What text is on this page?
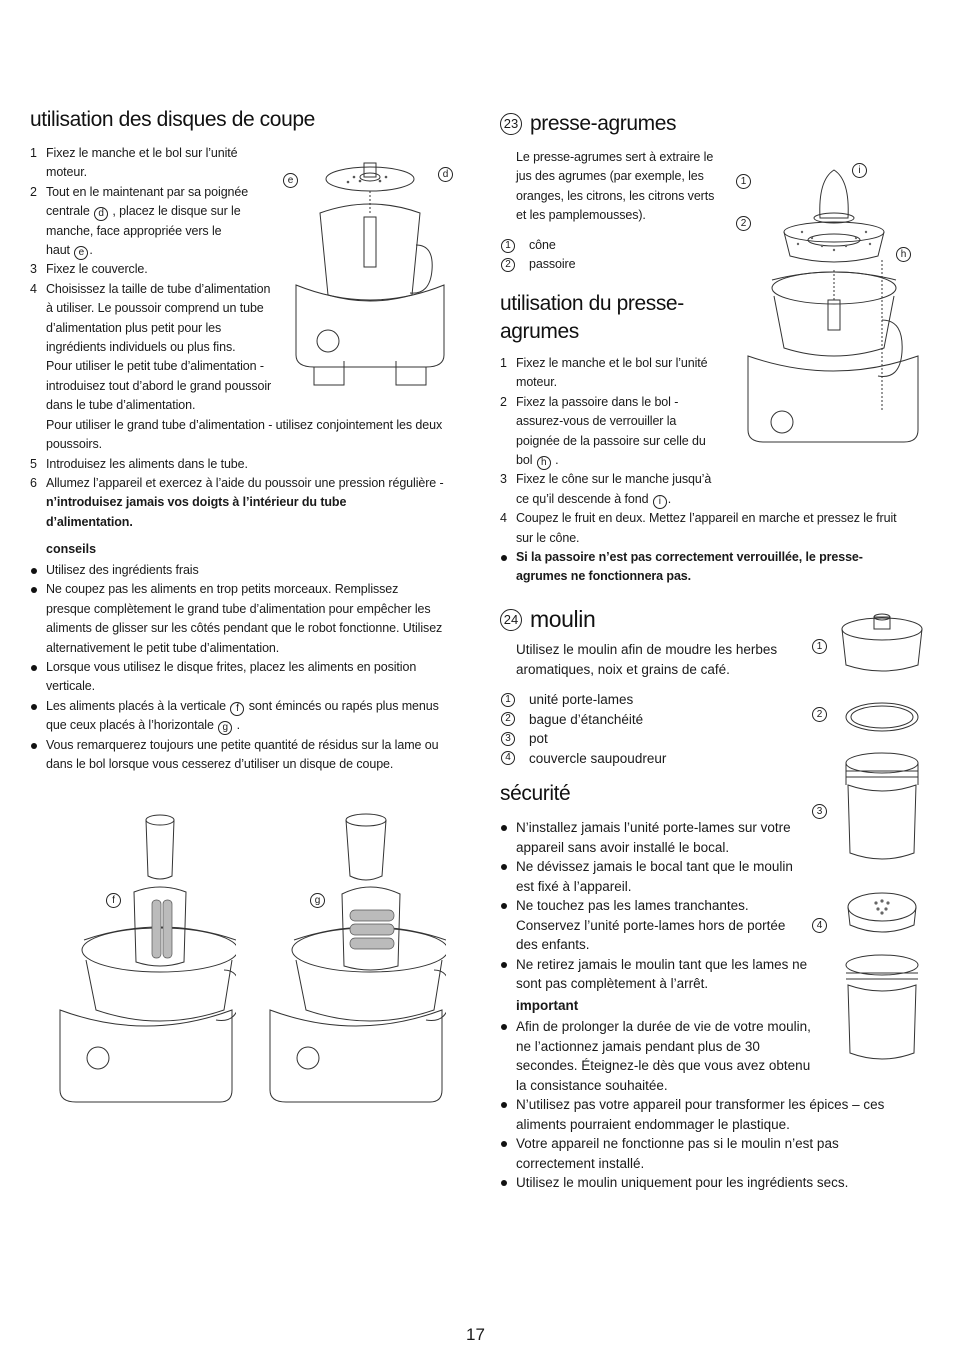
utilisation des disques de coupe
1 Fixez le manche et le bol sur l’unité
moteur.
2 Tout en le maintenant par sa poignée
centrale d , placez le disque sur le
manche, face appropriée vers le
haut e .
3 Fixez le couvercle.
4 Choisissez la taille de tube d’alimentation
à utiliser. Le poussoir comprend un tube
d’alimentation plus petit pour les
ingrédients individuels ou plus fins.
Pour utiliser le petit tube d’alimentation -
introduisez tout d’abord le grand poussoir
dans le tube d’alimentation.
Pour utiliser le grand tube d’alimentation - utilisez conjointement les deux
poussoirs.
5 Introduisez les aliments dans le tube.
6 Allumez l’appareil et exercez à l’aide du poussoir une pression régulière -
n’introduisez jamais vos doigts à l’intérieur du tube
d’alimentation.
conseils
Utilisez des ingrédients frais
Ne coupez pas les aliments en trop petits morceaux. Remplissez
presque complètement le grand tube d’alimentation pour empêcher les
aliments de glisser sur les côtés pendant que le robot fonctionne. Utilisez
alternativement le petit tube d’alimentation.
Lorsque vous utilisez le disque frites, placez les aliments en position
verticale.
Les aliments placés à la verticale f sont émincés ou rapés plus menus
que ceux placés à l’horizontale g .
Vous remarquerez toujours une petite quantité de résidus sur la lame ou
dans le bol lorsque vous cesserez d’utiliser un disque de coupe.
e
d
f	g
23 presse-agrumes
Le presse-agrumes sert à extraire le
jus des agrumes (par exemple, les
oranges, les citrons, les citrons verts
et les pamplemousses).
1	cône
2	passoire
utilisation du presse-
agrumes
1 Fixez le manche et le bol sur l’unité
moteur.
2 Fixez la passoire dans le bol -
assurez-vous de verrouiller la
poignée de la passoire sur celle du
bol h .
3 Fixez le cône sur le manche jusqu’à
ce qu’il descende à fond i .
4 Coupez le fruit en deux. Mettez l’appareil en marche et pressez le fruit
sur le cône.
Si la passoire n’est pas correctement verrouillée, le presse-
agrumes ne fonctionnera pas.
i
h
1
2
24 moulin
Utilisez le moulin afin de moudre les herbes
aromatiques, noix et grains de café.
1	unité porte-lames
2	bague d’étanchéité
3	pot
4	couvercle saupoudreur
sécurité
N’installez jamais l’unité porte-lames sur votre
appareil sans avoir installé le bocal.
Ne dévissez jamais le bocal tant que le moulin
est fixé à l’appareil.
Ne touchez pas les lames tranchantes.
Conservez l’unité porte-lames hors de portée
des enfants.
Ne retirez jamais le moulin tant que les lames ne
sont pas complètement à l’arrêt.
important
Afin de prolonger la durée de vie de votre moulin,
ne l’actionnez jamais pendant plus de 30
secondes. Éteignez-le dès que vous avez obtenu
la consistance souhaitée.
N’utilisez pas votre appareil pour transformer les épices – ces
aliments pourraient endommager le plastique.
Votre appareil ne fonctionne pas si le moulin n’est pas
correctement installé.
Utilisez le moulin uniquement pour les ingrédients secs.
1
2
3
4
17
